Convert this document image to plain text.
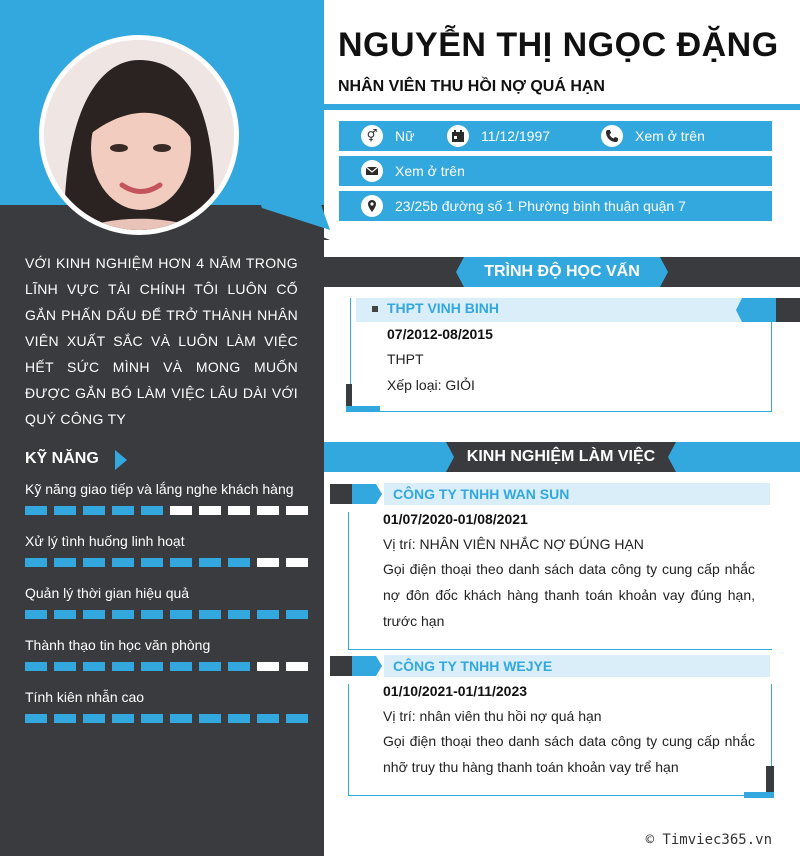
VỚI KINH NGHIỆM HƠN 4 NĂM TRONG LĨNH VỰC TÀI CHÍNH TÔI LUÔN CỐ GẮN PHẤN DẤU ĐỂ TRỞ THÀNH NHÂN VIÊN XUẤT SẮC VÀ LUÔN LÀM VIỆC HẾT SỨC MÌNH VÀ MONG MUỐN ĐƯỢC GẮN BÓ LÀM VIỆC LÂU DÀI VỚI QUÝ CÔNG TY
KỸ NĂNG
Kỹ năng giao tiếp và lắng nghe khách hàng
Xử lý tình huống linh hoạt
Quản lý thời gian hiệu quả
Thành thạo tin học văn phòng
Tính kiên nhẫn cao
NGUYỄN THỊ NGỌC ĐẶNG
NHÂN VIÊN THU HỒI NỢ QUÁ HẠN
⚥	Nữ	11/12/1997	Xem ở trên
Xem ở trên
23/25b đường số 1 Phường bình thuận quận 7
TRÌNH ĐỘ HỌC VẤN
THPT VINH BINH
07/2012-08/2015
THPT
Xếp loại: GIỎI
KINH NGHIỆM LÀM VIỆC
CÔNG TY TNHH WAN SUN
01/07/2020-01/08/2021
Vị trí: NHÂN VIÊN NHẮC NỢ ĐÚNG HẠN
Gọi điện thoại theo danh sách data công ty cung cấp nhắc nợ đôn đốc khách hàng thanh toán khoản vay đúng hạn, trước hạn
CÔNG TY TNHH WEJYE
01/10/2021-01/11/2023
Vị trí: nhân viên thu hồi nợ quá hạn
Gọi điện thoại theo danh sách data công ty cung cấp nhắc nhỡ truy thu hàng thanh toán khoản vay trể hạn
© Timviec365.vn
